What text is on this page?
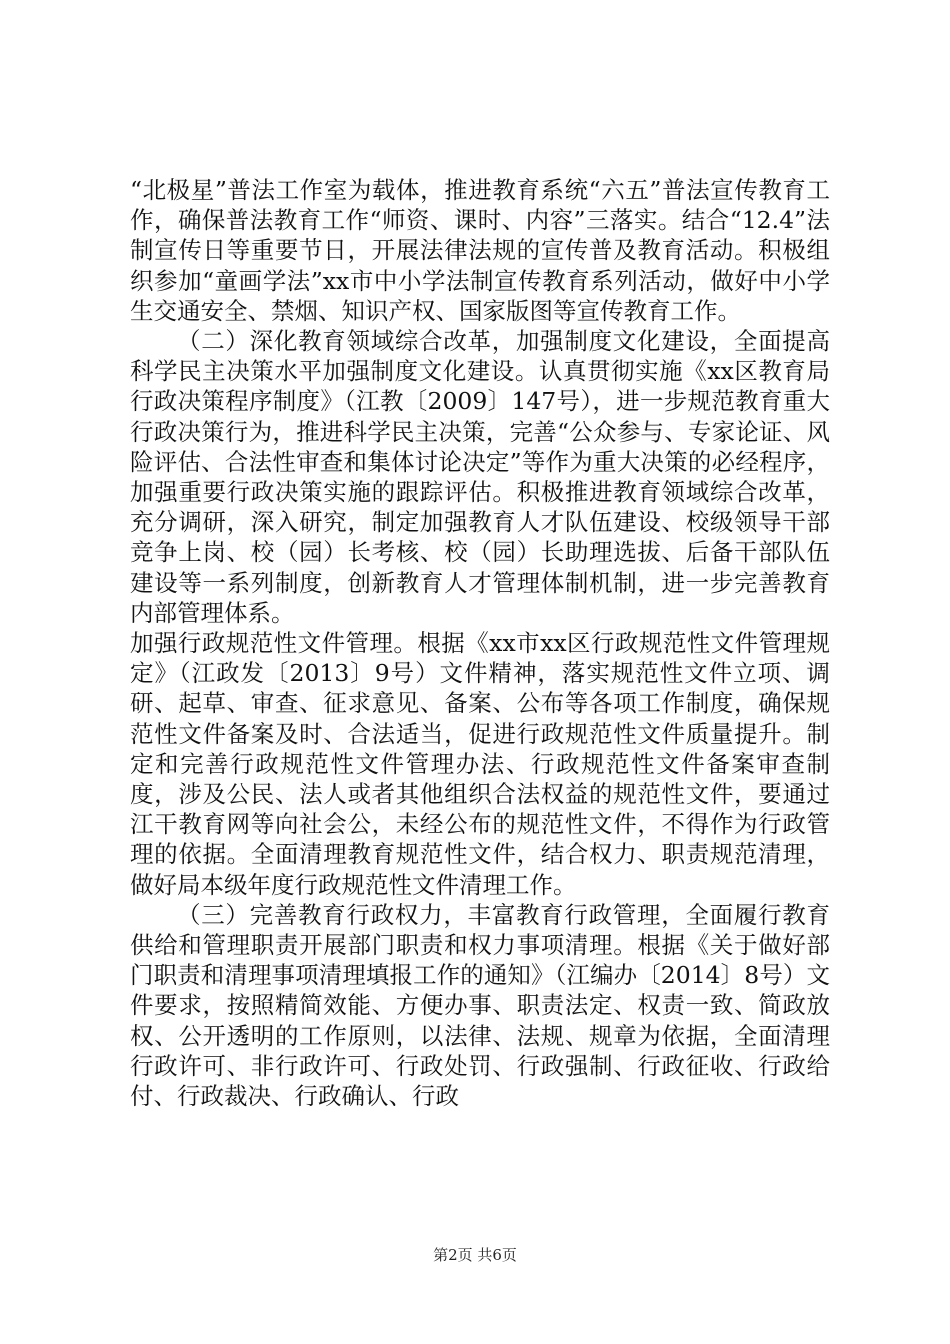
“北极星”普法工作室为载体，推进教育系统“六五”普法宣传教育工作，确保普法教育工作“师资、课时、内容”三落实。结合“12.4”法制宣传日等重要节日，开展法律法规的宣传普及教育活动。积极组织参加“童画学法”xx市中小学法制宣传教育系列活动，做好中小学生交通安全、禁烟、知识产权、国家版图等宣传教育工作。

（二）深化教育领域综合改革，加强制度文化建设，全面提高科学民主决策水平加强制度文化建设。认真贯彻实施《xx区教育局行政决策程序制度》（江教〔2009〕147号），进一步规范教育重大行政决策行为，推进科学民主决策，完善“公众参与、专家论证、风险评估、合法性审查和集体讨论决定”等作为重大决策的必经程序，加强重要行政决策实施的跟踪评估。积极推进教育领域综合改革，充分调研，深入研究，制定加强教育人才队伍建设、校级领导干部竞争上岗、校（园）长考核、校（园）长助理选拔、后备干部队伍建设等一系列制度，创新教育人才管理体制机制，进一步完善教育内部管理体系。

加强行政规范性文件管理。根据《xx市xx区行政规范性文件管理规定》（江政发〔2013〕9号）文件精神，落实规范性文件立项、调研、起草、审查、征求意见、备案、公布等各项工作制度，确保规范性文件备案及时、合法适当，促进行政规范性文件质量提升。制定和完善行政规范性文件管理办法、行政规范性文件备案审查制度，涉及公民、法人或者其他组织合法权益的规范性文件，要通过江干教育网等向社会公，未经公布的规范性文件，不得作为行政管理的依据。全面清理教育规范性文件，结合权力、职责规范清理，做好局本级年度行政规范性文件清理工作。

（三）完善教育行政权力，丰富教育行政管理，全面履行教育供给和管理职责开展部门职责和权力事项清理。根据《关于做好部门职责和清理事项清理填报工作的通知》（江编办〔2014〕8号）文件要求，按照精简效能、方便办事、职责法定、权责一致、简政放权、公开透明的工作原则，以法律、法规、规章为依据，全面清理行政许可、非行政许可、行政处罚、行政强制、行政征收、行政给付、行政裁决、行政确认、行政

第2页 共6页
